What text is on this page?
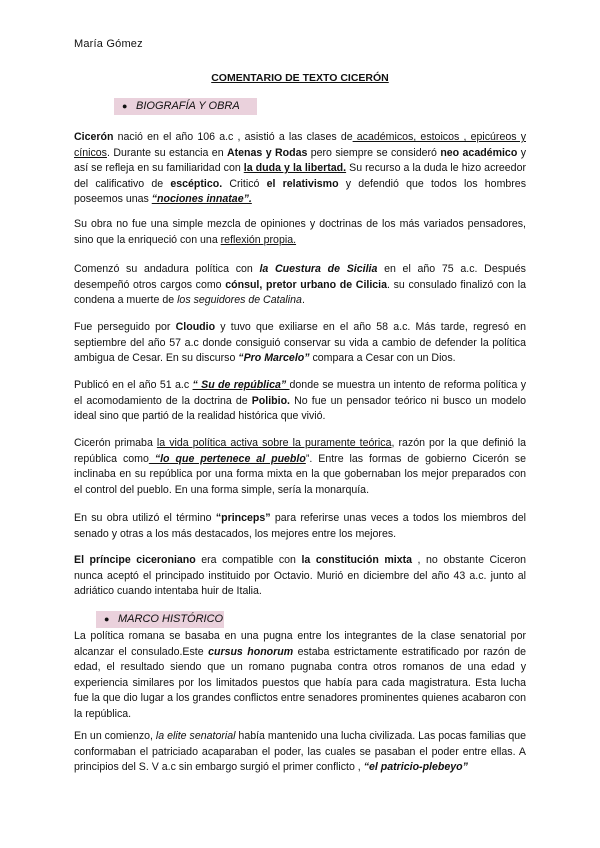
María Gómez
COMENTARIO DE TEXTO CICERÓN
● BIOGRAFÍA Y OBRA
Cicerón nació en el año 106 a.c , asistió a las clases de académicos, estoicos , epicúreos y cínicos. Durante su estancia en Atenas y Rodas pero siempre se consideró neo académico y así se refleja en su familiaridad con la duda y la libertad. Su recurso a la duda le hizo acreedor del calificativo de escéptico. Criticó el relativismo y defendió que todos los hombres poseemos unas “nociones innatae”.
Su obra no fue una simple mezcla de opiniones y doctrinas de los más variados pensadores, sino que la enriqueció con una reflexión propia.
Comenzó su andadura política con la Cuestura de Sicilia en el año 75 a.c. Después desempeñó otros cargos como cónsul, pretor urbano de Cilicia. su consulado finalizó con la condena a muerte de los seguidores de Catalina.
Fue perseguido por Cloudio y tuvo que exiliarse en el año 58 a.c. Más tarde, regresó en septiembre del año 57 a.c donde consiguió conservar su vida a cambio de defender la política ambigua de Cesar. En su discurso “Pro Marcelo” compara a Cesar con un Dios.
Publicó en el año 51 a.c “ Su de república” donde se muestra un intento de reforma política y el acomodamiento de la doctrina de Polibio. No fue un pensador teórico ni busco un modelo ideal sino que partió de la realidad histórica que vivió.
Cicerón primaba la vida política activa sobre la puramente teórica, razón por la que definió la república como “lo que pertenece al pueblo”. Entre las formas de gobierno Cicerón se inclinaba en su república por una forma mixta en la que gobernaban los mejor preparados con el control del pueblo. En una forma simple, sería la monarquía.
En su obra utilizó el término “princeps” para referirse unas veces a todos los miembros del senado y otras a los más destacados, los mejores entre los mejores.
El príncipe ciceroniano era compatible con la constitución mixta , no obstante Ciceron nunca aceptó el principado instituido por Octavio. Murió en diciembre del año 43 a.c. junto al adriático cuando intentaba huir de Italia.
● MARCO HISTÓRICO
La política romana se basaba en una pugna entre los integrantes de la clase senatorial por alcanzar el consulado.Este cursus honorum estaba estrictamente estratificado por razón de edad, el resultado siendo que un romano pugnaba contra otros romanos de una edad y experiencia similares por los limitados puestos que había para cada magistratura. Esta lucha fue la que dio lugar a los grandes conflictos entre senadores prominentes quienes acabaron con la república.
En un comienzo, la elite senatorial había mantenido una lucha civilizada. Las pocas familias que conformaban el patriciado acaparaban el poder, las cuales se pasaban el poder entre ellas. A principios del S. V a.c sin embargo surgió el primer conflicto , “el patricio-plebeyo”
